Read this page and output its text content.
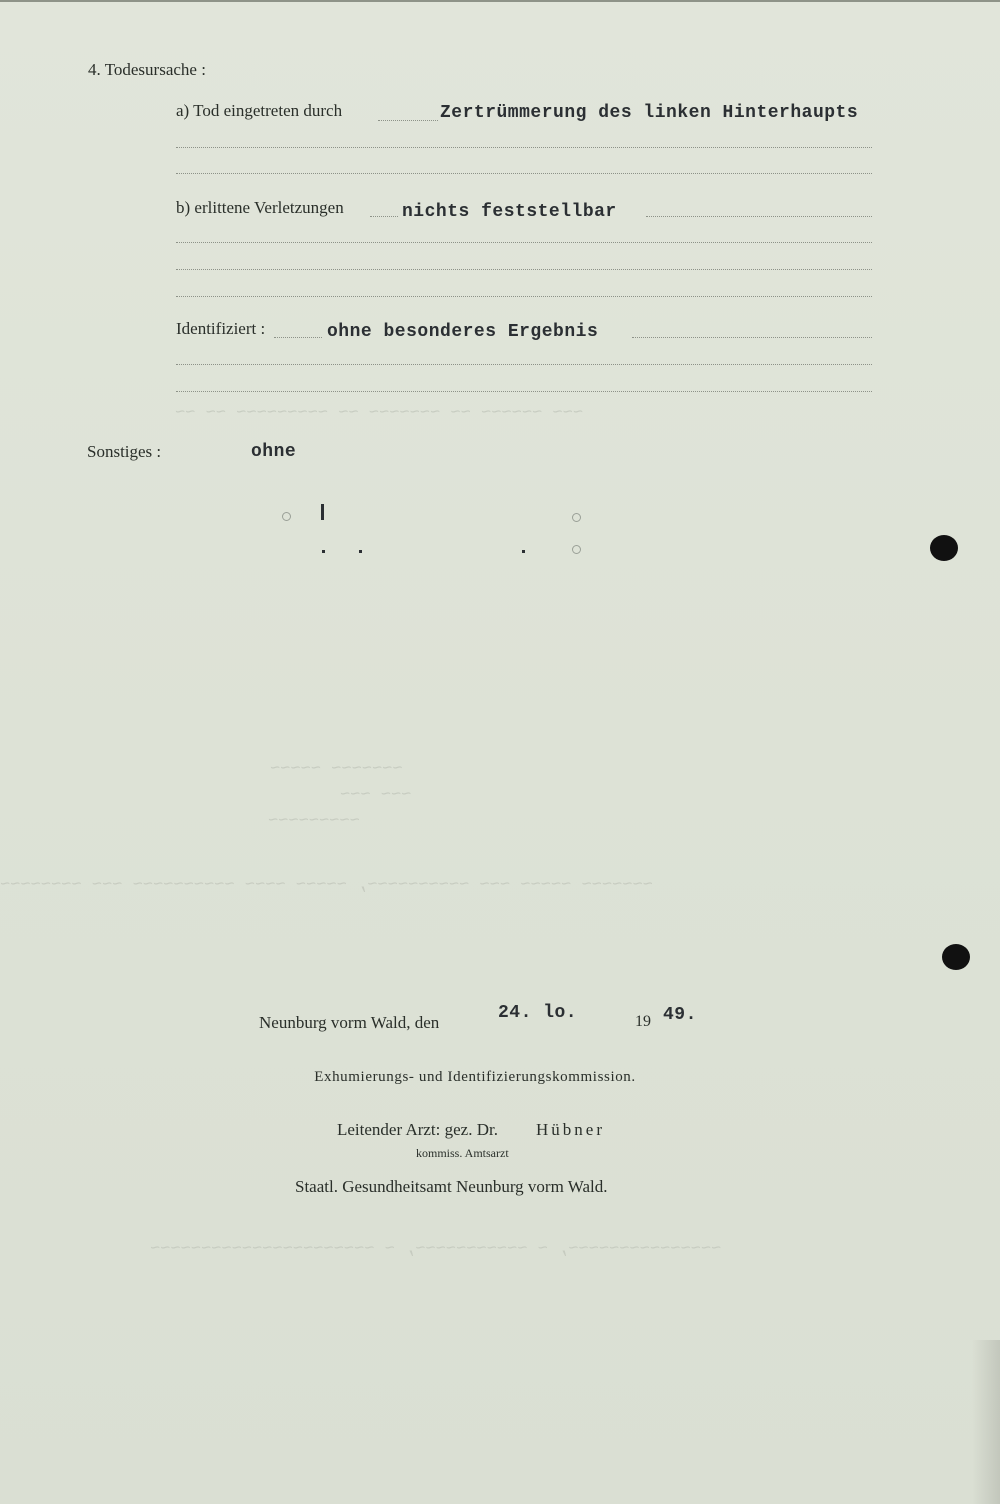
~~~ ~~~~~~ ~~ ~~~~~~~ ~~ ~~~~~~~~~ ~~ ~~
~~~~~~~ ~~~~~ ~~~ ~~~~~~~~~~, ~~~~~ ~~~~ ~~~~~~~~~~ ~~~ ~~~~~~~~
~~~~~~~~~~~~~~~, ~ ~~~~~~~~~~~, ~ ~~~~~~~~~~~~~~~~~~~~~~
~~~~~~~ ~~~~~
~~~ ~~~
~~~~~~~~~
4. Todesursache :
a) Tod eingetreten durch	Zertrümmerung des linken Hinterhaupts
b) erlittene Verletzungen	nichts feststellbar
Identifiziert :	ohne besonderes Ergebnis
Sonstiges :	ohne
Neunburg vorm Wald, den	24. lo.	19 49.
Exhumierungs- und Identifizierungskommission.
Leitender Arzt: gez. Dr. Hübner
kommiss. Amtsarzt
Staatl. Gesundheitsamt Neunburg vorm Wald.
